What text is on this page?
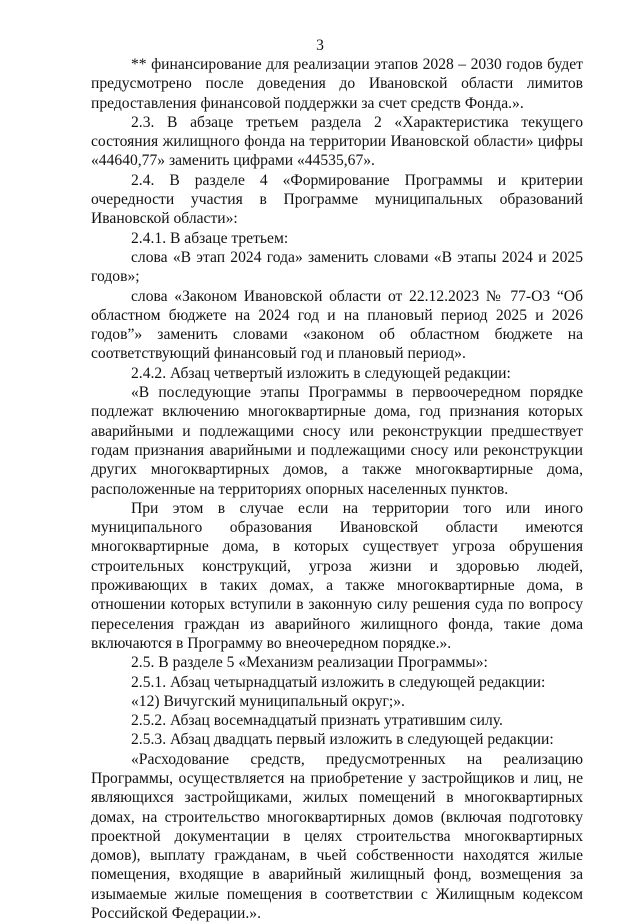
3

** финансирование для реализации этапов 2028 – 2030 годов будет предусмотрено после доведения до Ивановской области лимитов предоставления финансовой поддержки за счет средств Фонда.».

2.3. В абзаце третьем раздела 2 «Характеристика текущего состояния жилищного фонда на территории Ивановской области» цифры «44640,77» заменить цифрами «44535,67».

2.4. В разделе 4 «Формирование Программы и критерии очередности участия в Программе муниципальных образований Ивановской области»:

2.4.1. В абзаце третьем:

слова «В этап 2024 года» заменить словами «В этапы 2024 и 2025 годов»;

слова «Законом Ивановской области от 22.12.2023 № 77-ОЗ “Об областном бюджете на 2024 год и на плановый период 2025 и 2026 годов”» заменить словами «законом об областном бюджете на соответствующий финансовый год и плановый период».

2.4.2. Абзац четвертый изложить в следующей редакции:

«В последующие этапы Программы в первоочередном порядке подлежат включению многоквартирные дома, год признания которых аварийными и подлежащими сносу или реконструкции предшествует годам признания аварийными и подлежащими сносу или реконструкции других многоквартирных домов, а также многоквартирные дома, расположенные на территориях опорных населенных пунктов.

При этом в случае если на территории того или иного муниципального образования Ивановской области имеются многоквартирные дома, в которых существует угроза обрушения строительных конструкций, угроза жизни и здоровью людей, проживающих в таких домах, а также многоквартирные дома, в отношении которых вступили в законную силу решения суда по вопросу переселения граждан из аварийного жилищного фонда, такие дома включаются в Программу во внеочередном порядке.».

2.5. В разделе 5 «Механизм реализации Программы»:

2.5.1. Абзац четырнадцатый изложить в следующей редакции:

«12) Вичугский муниципальный округ;».

2.5.2. Абзац восемнадцатый признать утратившим силу.

2.5.3. Абзац двадцать первый изложить в следующей редакции:

«Расходование средств, предусмотренных на реализацию Программы, осуществляется на приобретение у застройщиков и лиц, не являющихся застройщиками, жилых помещений в многоквартирных домах, на строительство многоквартирных домов (включая подготовку проектной документации в целях строительства многоквартирных домов), выплату гражданам, в чьей собственности находятся жилые помещения, входящие в аварийный жилищный фонд, возмещения за изымаемые жилые помещения в соответствии с Жилищным кодексом Российской Федерации.».
